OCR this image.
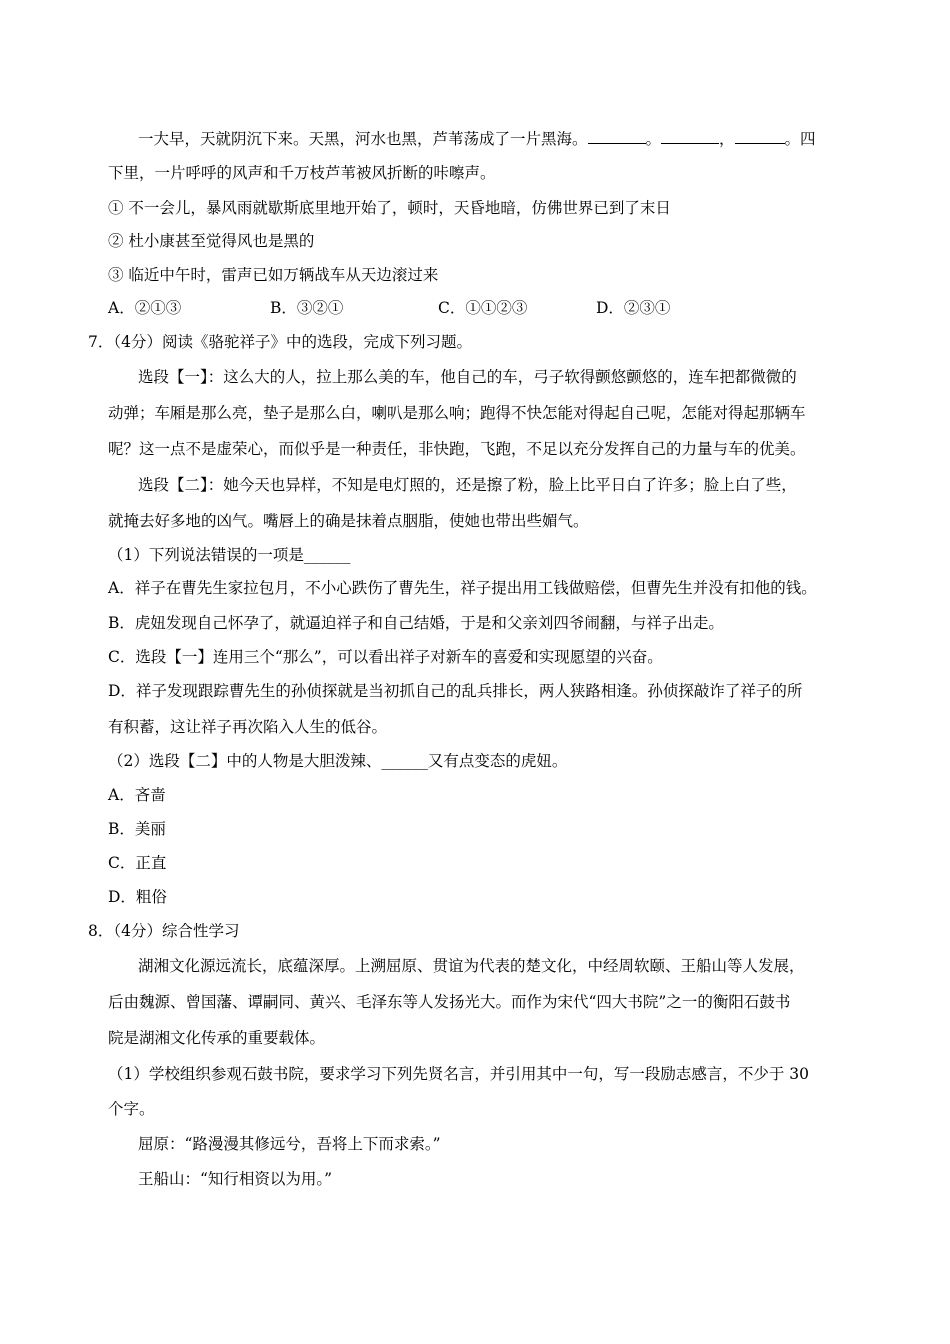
一大早，天就阴沉下来。天黑，河水也黑，芦苇荡成了一片黑海。	。	，	。四
下里，一片呼呼的风声和千万枝芦苇被风折断的咔嚓声。
① 不一会儿，暴风雨就歇斯底里地开始了，顿时，天昏地暗，仿佛世界已到了末日
② 杜小康甚至觉得风也是黑的
③ 临近中午时，雷声已如万辆战车从天边滚过来
A．②①③	B．③②①	C．①①②③	D．②③①
7．（4分）阅读《骆驼祥子》中的选段，完成下列习题。
选段【一】：这么大的人，拉上那么美的车，他自己的车，弓子软得颤悠颤悠的，连车把都微微的
动弹；车厢是那么亮，垫子是那么白，喇叭是那么响；跑得不快怎能对得起自己呢，怎能对得起那辆车
呢？这一点不是虚荣心，而似乎是一种责任，非快跑，飞跑，不足以充分发挥自己的力量与车的优美。
选段【二】：她今天也异样，不知是电灯照的，还是擦了粉，脸上比平日白了许多；脸上白了些，
就掩去好多地的凶气。嘴唇上的确是抹着点胭脂，使她也带出些媚气。
（1）下列说法错误的一项是______
A．祥子在曹先生家拉包月，不小心跌伤了曹先生，祥子提出用工钱做赔偿，但曹先生并没有扣他的钱。
B．虎妞发现自己怀孕了，就逼迫祥子和自己结婚，于是和父亲刘四爷闹翻，与祥子出走。
C．选段【一】连用三个“那么”，可以看出祥子对新车的喜爱和实现愿望的兴奋。
D．祥子发现跟踪曹先生的孙侦探就是当初抓自己的乱兵排长，两人狭路相逢。孙侦探敲诈了祥子的所
有积蓄，这让祥子再次陷入人生的低谷。
（2）选段【二】中的人物是大胆泼辣、______又有点变态的虎妞。
A．吝啬
B．美丽
C．正直
D．粗俗
8．（4分）综合性学习
湖湘文化源远流长，底蕴深厚。上溯屈原、贯谊为代表的楚文化，中经周软颐、王船山等人发展，
后由魏源、曾国藩、谭嗣同、黄兴、毛泽东等人发扬光大。而作为宋代“四大书院”之一的衡阳石鼓书
院是湖湘文化传承的重要载体。
（1）学校组织参观石鼓书院，要求学习下列先贤名言，并引用其中一句，写一段励志感言，不少于 30
个字。
屈原：“路漫漫其修远兮，吾将上下而求索。”
王船山：“知行相资以为用。”
